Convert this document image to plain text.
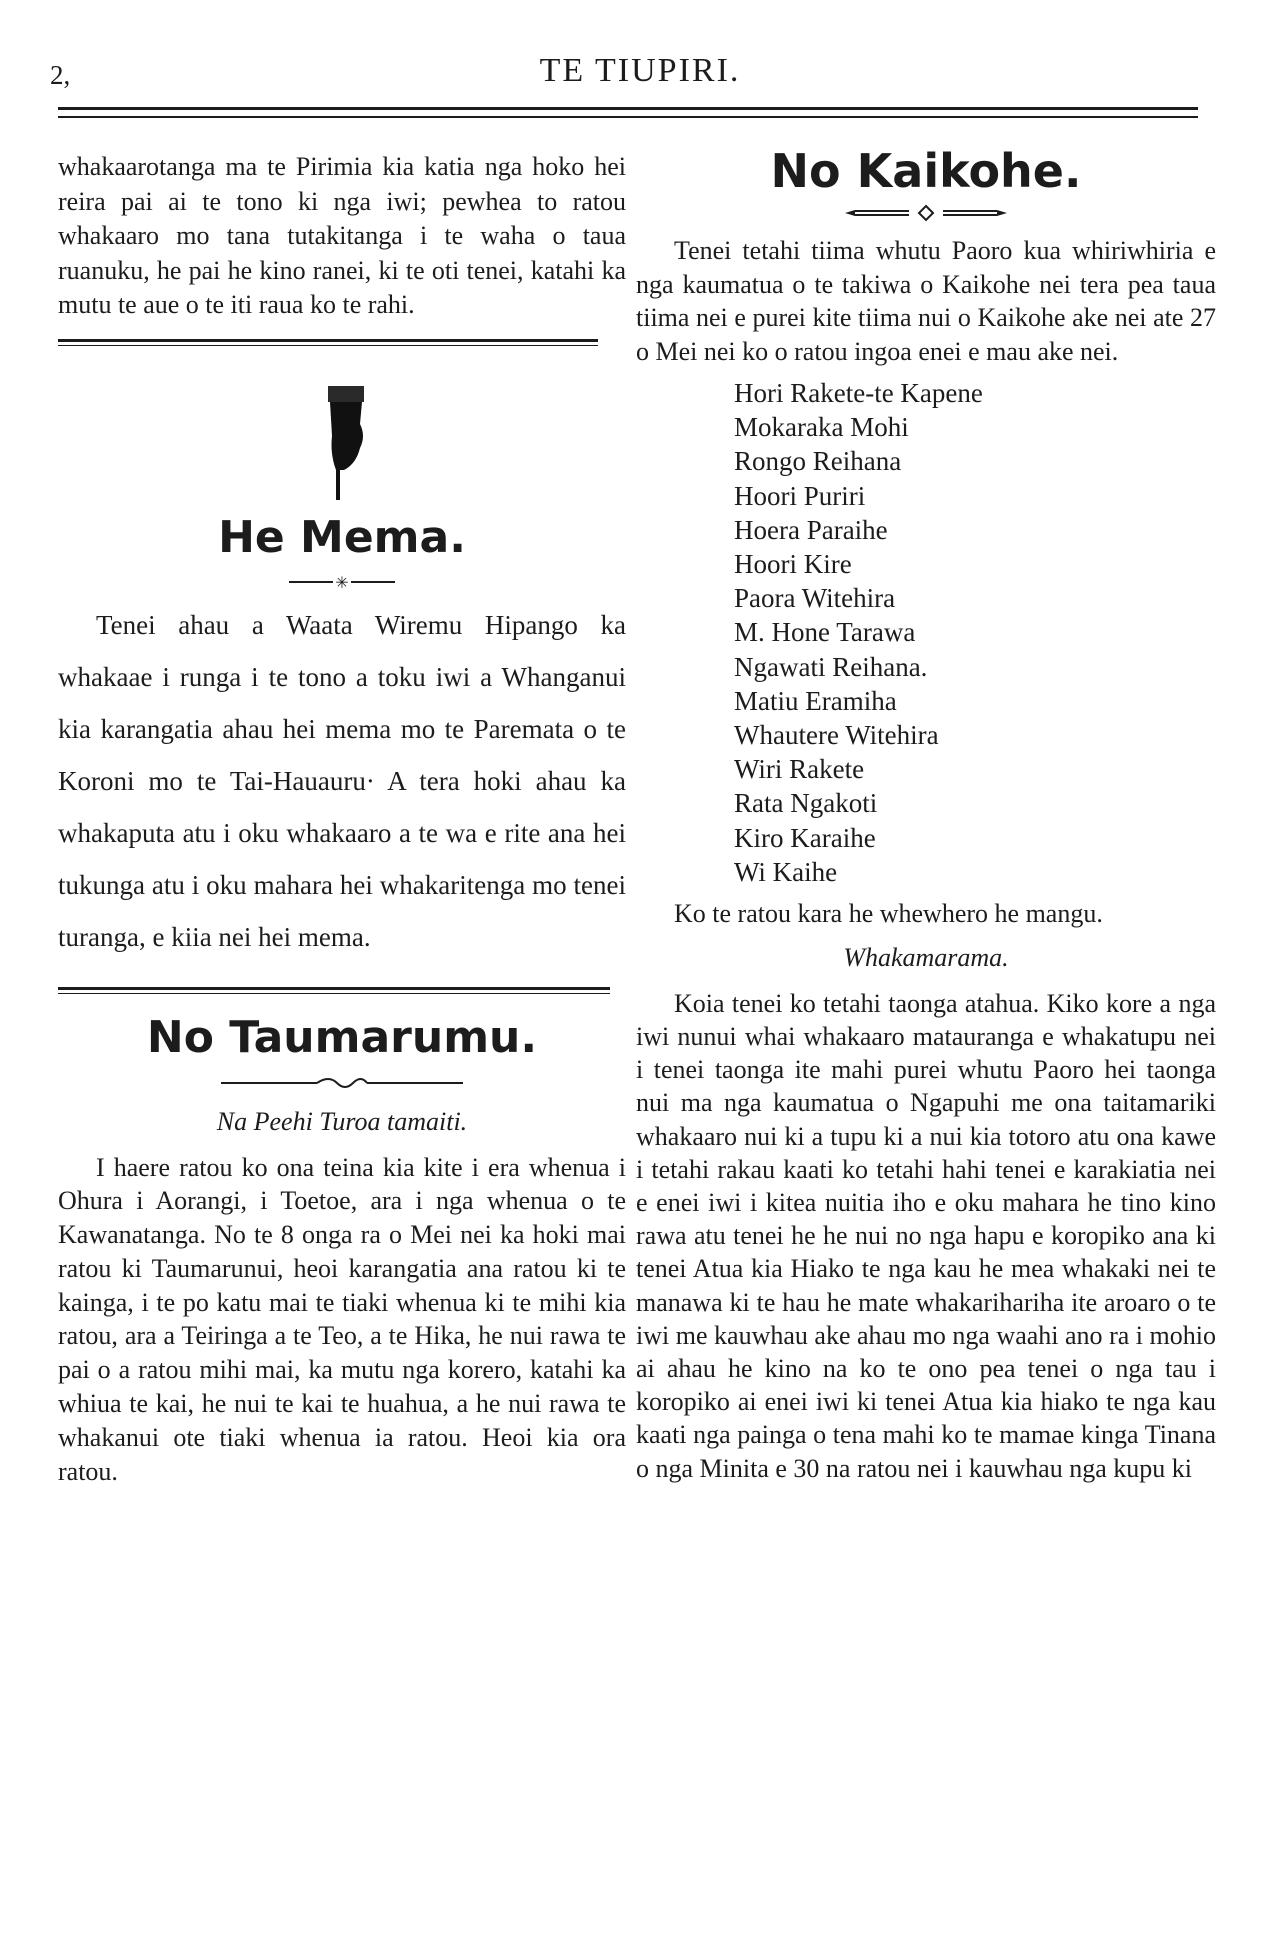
2,	TE TIUPIRI.

whakaarotanga ma te Pirimia kia katia nga hoko hei reira pai ai te tono ki nga iwi; pewhea to ratou whakaaro mo tana tutakitanga i te waha o taua ruanuku, he pai he kino ranei, ki te oti tenei, katahi ka mutu te aue o te iti raua ko te rahi.

He Mema.
✳

Tenei ahau a Waata Wiremu Hipango ka whakaae i runga i te tono a toku iwi a Whanganui kia karangatia ahau hei mema mo te Paremata o te Koroni mo te Tai-Hauauru· A tera hoki ahau ka whakaputa atu i oku whakaaro a te wa e rite ana hei tukunga atu i oku mahara hei whakaritenga mo tenei turanga, e kiia nei hei mema.

No Taumarumu.

Na Peehi Turoa tamaiti.

I haere ratou ko ona teina kia kite i era whenua i Ohura i Aorangi, i Toetoe, ara i nga whenua o te Kawanatanga. No te 8 onga ra o Mei nei ka hoki mai ratou ki Taumarunui, heoi karangatia ana ratou ki te kainga, i te po katu mai te tiaki whenua ki te mihi kia ratou, ara a Teiringa a te Teo, a te Hika, he nui rawa te pai o a ratou mihi mai, ka mutu nga korero, katahi ka whiua te kai, he nui te kai te huahua, a he nui rawa te whakanui ote tiaki whenua ia ratou. Heoi kia ora ratou.

No Kaikohe.

Tenei tetahi tiima whutu Paoro kua whiriwhiria e nga kaumatua o te takiwa o Kaikohe nei tera pea taua tiima nei e purei kite tiima nui o Kaikohe ake nei ate 27 o Mei nei ko o ratou ingoa enei e mau ake nei.

Hori Rakete-te Kapene
Mokaraka Mohi
Rongo Reihana
Hoori Puriri
Hoera Paraihe
Hoori Kire
Paora Witehira
M. Hone Tarawa
Ngawati Reihana.
Matiu Eramiha
Whautere Witehira
Wiri Rakete
Rata Ngakoti
Kiro Karaihe
Wi Kaihe

Ko te ratou kara he whewhero he mangu.

Whakamarama.

Koia tenei ko tetahi taonga atahua. Kiko kore a nga iwi nunui whai whakaaro matauranga e whakatupu nei i tenei taonga ite mahi purei whutu Paoro hei taonga nui ma nga kaumatua o Ngapuhi me ona taitamariki whakaaro nui ki a tupu ki a nui kia totoro atu ona kawe i tetahi rakau kaati ko tetahi hahi tenei e karakiatia nei e enei iwi i kitea nuitia iho e oku mahara he tino kino rawa atu tenei he he nui no nga hapu e koropiko ana ki tenei Atua kia Hiako te nga kau he mea whakaki nei te manawa ki te hau he mate whakarihariha ite aroaro o te iwi me kauwhau ake ahau mo nga waahi ano ra i mohio ai ahau he kino na ko te ono pea tenei o nga tau i koropiko ai enei iwi ki tenei Atua kia hiako te nga kau kaati nga painga o tena mahi ko te mamae kinga Tinana o nga Minita e 30 na ratou nei i kauwhau nga kupu ki
